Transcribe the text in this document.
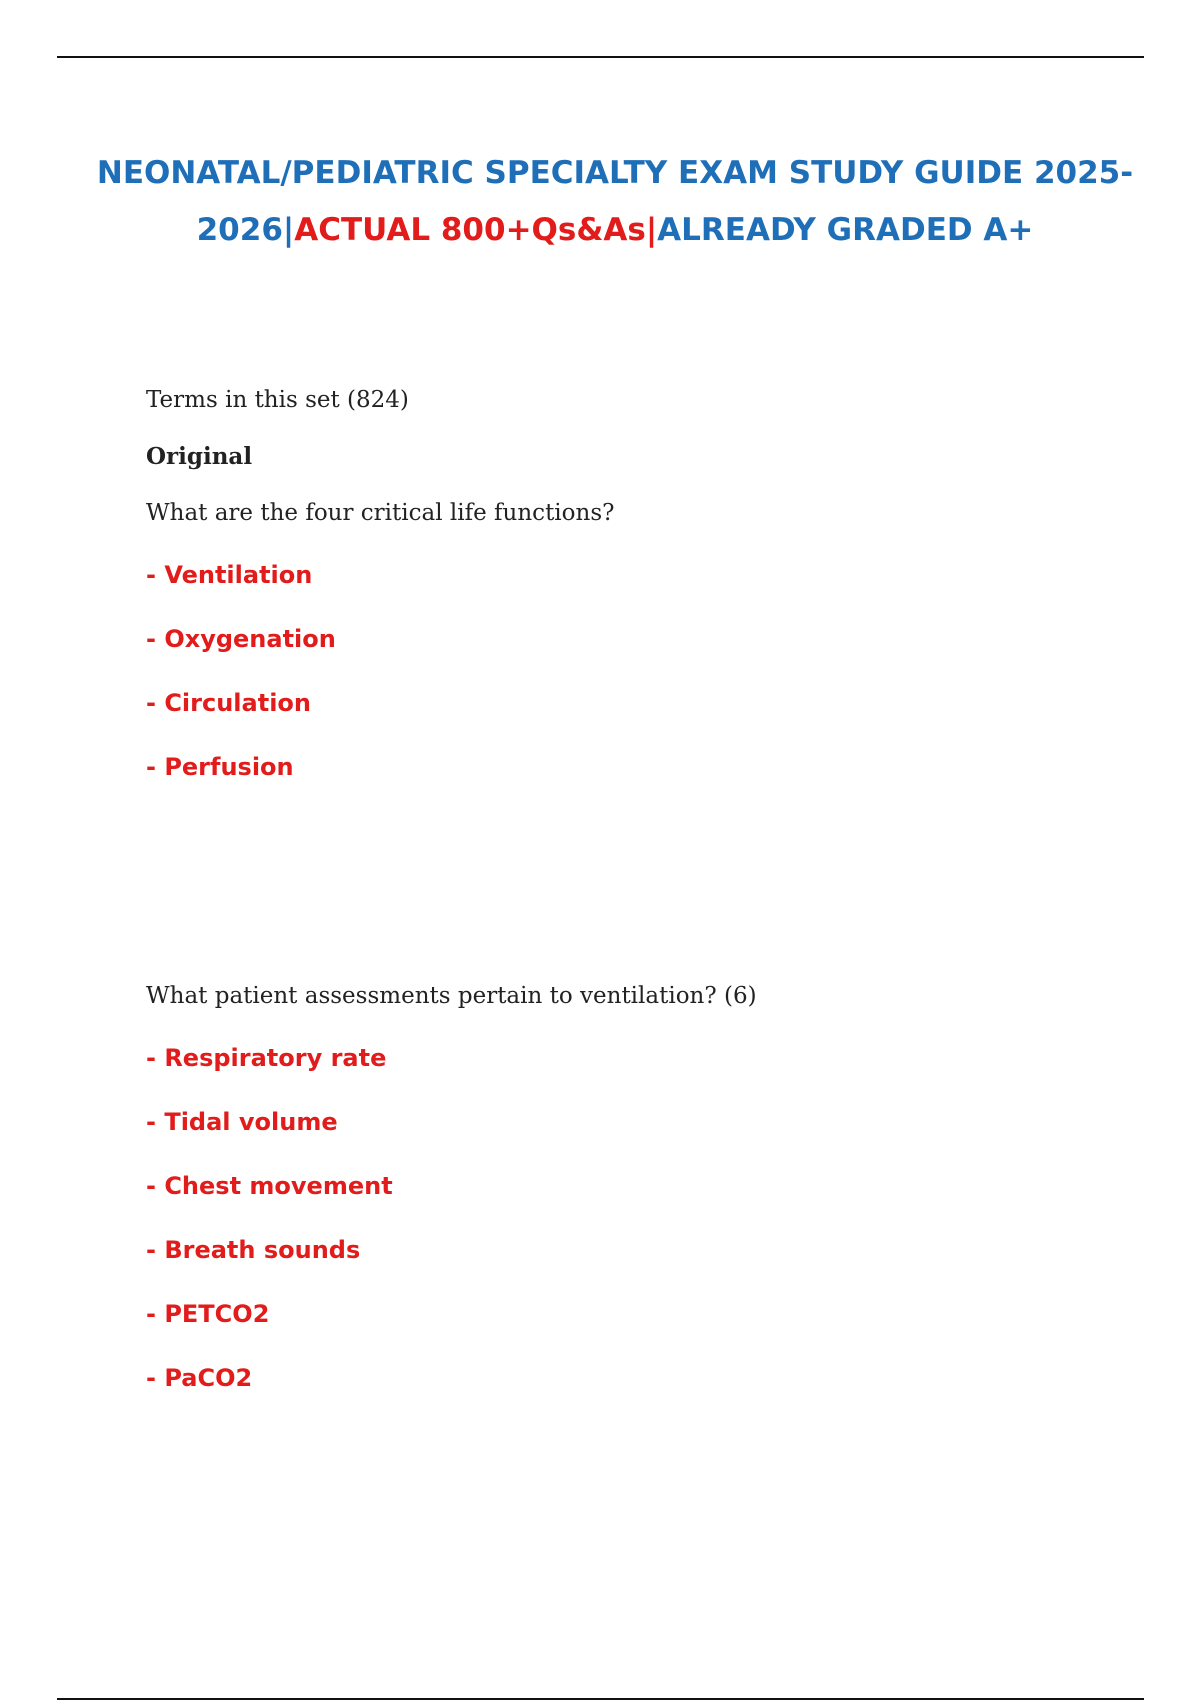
NEONATAL/PEDIATRIC SPECIALTY EXAM STUDY GUIDE 2025-2026|ACTUAL 800+Qs&As|ALREADY GRADED A+

Terms in this set (824)

Original

What are the four critical life functions?

- Ventilation
- Oxygenation
- Circulation
- Perfusion

What patient assessments pertain to ventilation? (6)

- Respiratory rate
- Tidal volume
- Chest movement
- Breath sounds
- PETCO2
- PaCO2
